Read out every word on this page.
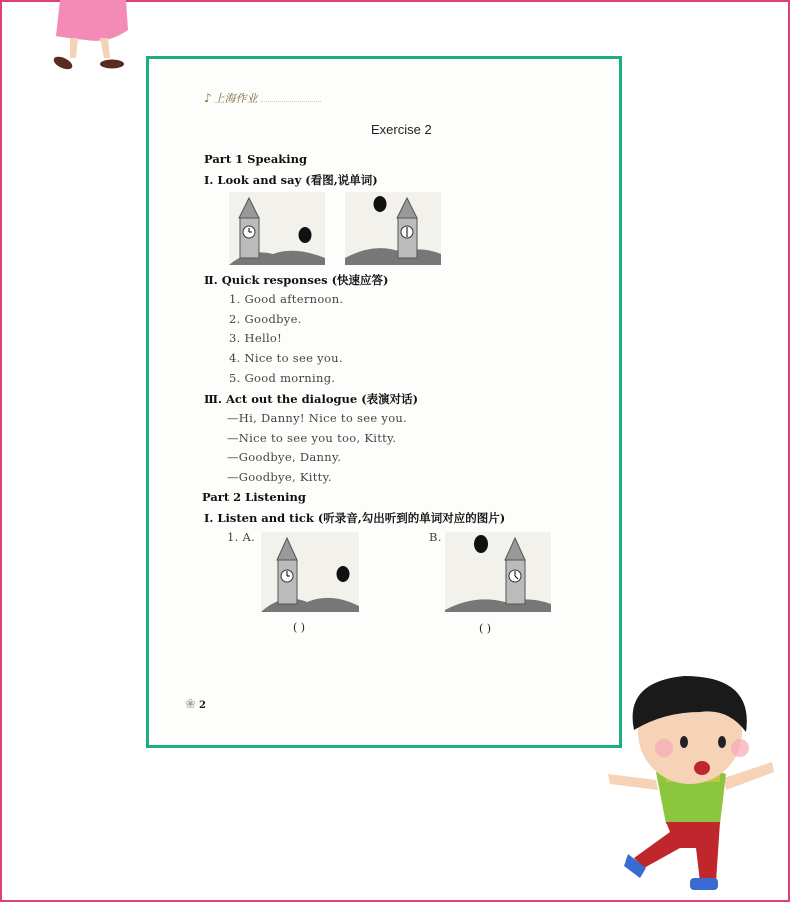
♪ 上海作业
Exercise 2
Part 1 Speaking
Ⅰ. Look and say (看图,说单词)
Ⅱ. Quick responses (快速应答)
1. Good afternoon.
2. Goodbye.
3. Hello!
4. Nice to see you.
5. Good morning.
Ⅲ. Act out the dialogue (表演对话)
—Hi, Danny! Nice to see you.
—Nice to see you too, Kitty.
—Goodbye, Danny.
—Goodbye, Kitty.
Part 2 Listening
Ⅰ. Listen and tick (听录音,勾出听到的单词对应的图片)
1. A.	B.
( )	( )
❀ 2
